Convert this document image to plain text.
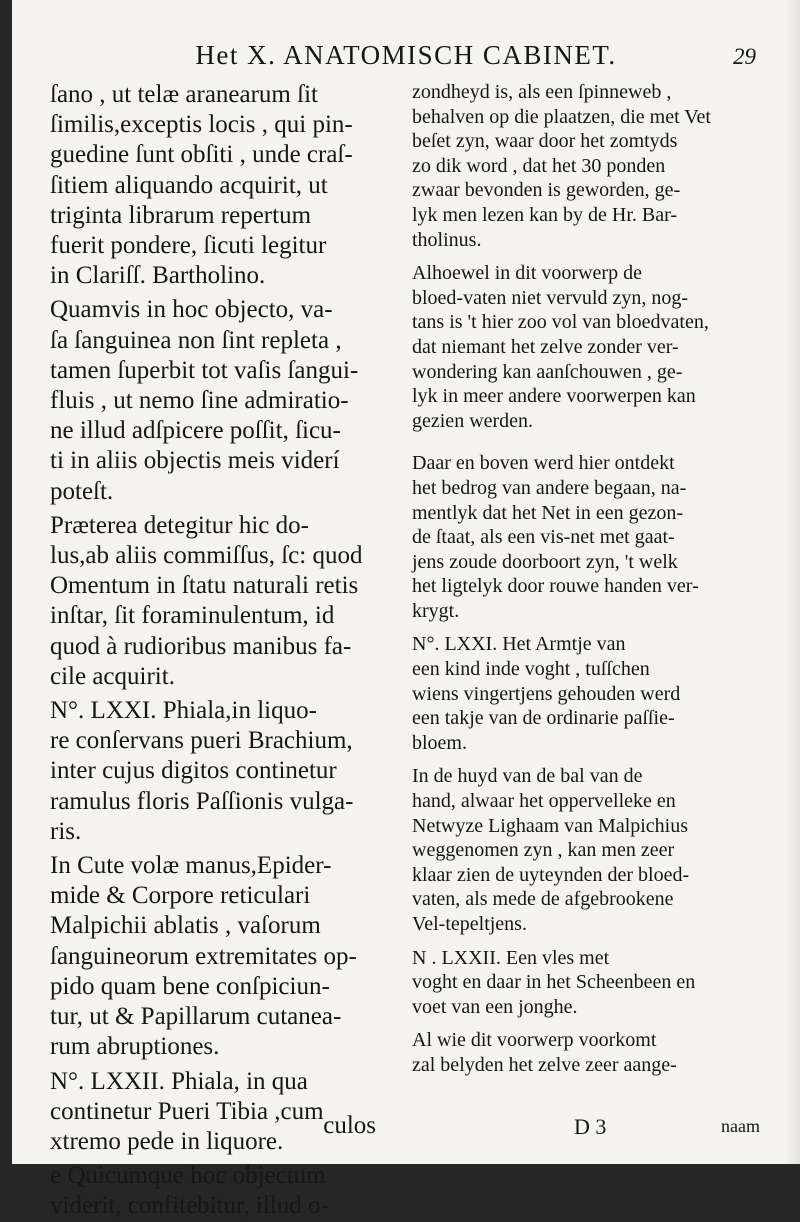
Het X. ANATOMISCH CABINET.	29

ſano , ut telæ aranearum ſit
ſimilis,exceptis locis , qui pin-
guedine ſunt obſiti , unde craſ-
ſitiem aliquando acquirit, ut
triginta librarum repertum
fuerit pondere, ſicuti legitur
in Clariſſ. Bartholino.

Quamvis in hoc objecto, va-
ſa ſanguinea non ſint repleta ,
tamen ſuperbit tot vaſis ſangui-
fluis , ut nemo ſine admiratio-
ne illud adſpicere poſſit, ſicu-
ti in aliis objectis meis viderí
poteſt.

Præterea detegitur hic do-
lus,ab aliis commiſſus, ſc: quod
Omentum in ſtatu naturali retis
inſtar, ſit foraminulentum, id
quod à rudioribus manibus fa-
cile acquirit.

N°. LXXI. Phiala,in liquo-
re conſervans pueri Brachium,
inter cujus digitos continetur
ramulus floris Paſſionis vulga-
ris.

In Cute volæ manus,Epider-
mide & Corpore reticulari
Malpichii ablatis , vaſorum
ſanguineorum extremitates op-
pido quam bene conſpiciun-
tur, ut & Papillarum cutanea-
rum abruptiones.

N°. LXXII. Phiala, in qua
continetur Pueri Tibia ,cum
xtremo pede in liquore.

e Quicumque hoc objectum
viderit, confitebitur, illud o-

zondheyd is, als een ſpinneweb ,
behalven op die plaatzen, die met Vet
beſet zyn, waar door het zomtyds
zo dik word , dat het 30 ponden
zwaar bevonden is geworden, ge-
lyk men lezen kan by de Hr. Bar-
tholinus.

Alhoewel in dit voorwerp de
bloed-vaten niet vervuld zyn, nog-
tans is 't hier zoo vol van bloedvaten,
dat niemant het zelve zonder ver-
wondering kan aanſchouwen , ge-
lyk in meer andere voorwerpen kan
gezien werden.

Daar en boven werd hier ontdekt
het bedrog van andere begaan, na-
mentlyk dat het Net in een gezon-
de ſtaat, als een vis-net met gaat-
jens zoude doorboort zyn, 't welk
het ligtelyk door rouwe handen ver-
krygt.

N°. LXXI. Het Armtje van
een kind inde voght , tuſſchen
wiens vingertjens gehouden werd
een takje van de ordinarie paſſie-
bloem.

In de huyd van de bal van de
hand, alwaar het oppervelleke en
Netwyze Lighaam van Malpichius
weggenomen zyn , kan men zeer
klaar zien de uyteynden der bloed-
vaten, als mede de afgebrookene
Vel-tepeltjens.

N . LXXII. Een vles met
voght en daar in het Scheenbeen en
voet van een jonghe.

Al wie dit voorwerp voorkomt
zal belyden het zelve zeer aange-

culos	D 3	naam
